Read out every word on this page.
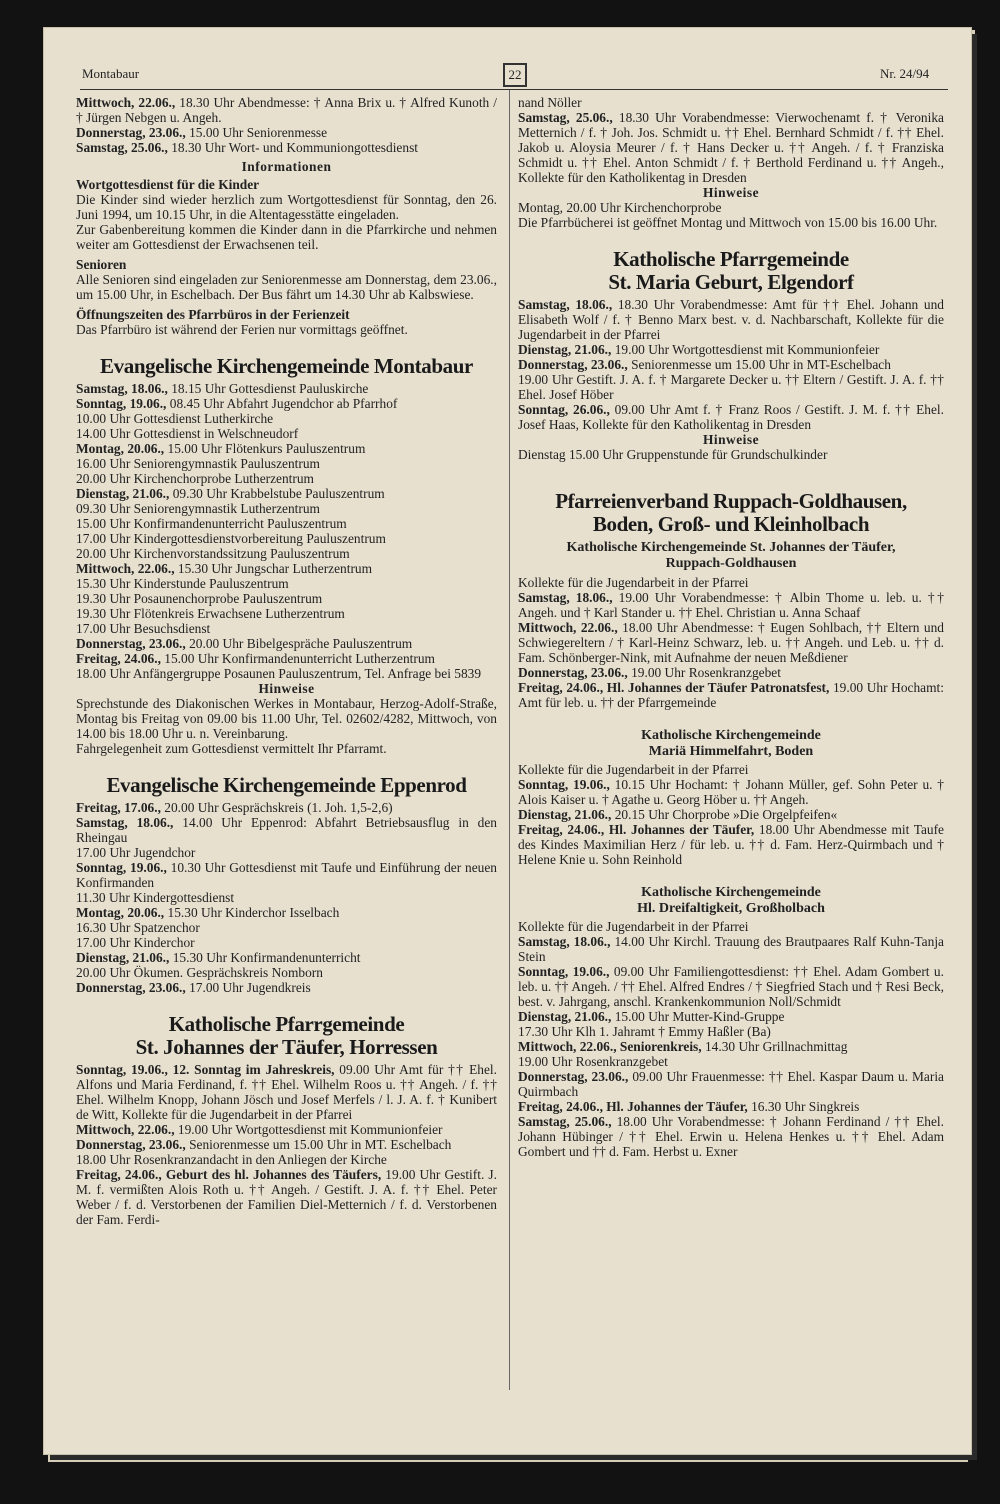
Montabaur	22	Nr. 24/94

Mittwoch, 22.06., 18.30 Uhr Abendmesse: † Anna Brix u. † Alfred Kunoth / † Jürgen Nebgen u. Angeh.

Donnerstag, 23.06., 15.00 Uhr Seniorenmesse

Samstag, 25.06., 18.30 Uhr Wort- und Kommuniongottesdienst

Informationen

Wortgottesdienst für die Kinder

Die Kinder sind wieder herzlich zum Wortgottesdienst für Sonntag, den 26. Juni 1994, um 10.15 Uhr, in die Altentagesstätte eingeladen.

Zur Gabenbereitung kommen die Kinder dann in die Pfarrkirche und nehmen weiter am Gottesdienst der Erwachsenen teil.

Senioren

Alle Senioren sind eingeladen zur Seniorenmesse am Donnerstag, dem 23.06., um 15.00 Uhr, in Eschelbach. Der Bus fährt um 14.30 Uhr ab Kalbswiese.

Öffnungszeiten des Pfarrbüros in der Ferienzeit

Das Pfarrbüro ist während der Ferien nur vormittags geöffnet.

Evangelische Kirchengemeinde Montabaur

Samstag, 18.06., 18.15 Uhr Gottesdienst Pauluskirche

Sonntag, 19.06., 08.45 Uhr Abfahrt Jugendchor ab Pfarrhof

10.00 Uhr Gottesdienst Lutherkirche

14.00 Uhr Gottesdienst in Welschneudorf

Montag, 20.06., 15.00 Uhr Flötenkurs Pauluszentrum

16.00 Uhr Seniorengymnastik Pauluszentrum

20.00 Uhr Kirchenchorprobe Lutherzentrum

Dienstag, 21.06., 09.30 Uhr Krabbelstube Pauluszentrum

09.30 Uhr Seniorengymnastik Lutherzentrum

15.00 Uhr Konfirmandenunterricht Pauluszentrum

17.00 Uhr Kindergottesdienstvorbereitung Pauluszentrum

20.00 Uhr Kirchenvorstandssitzung Pauluszentrum

Mittwoch, 22.06., 15.30 Uhr Jungschar Lutherzentrum

15.30 Uhr Kinderstunde Pauluszentrum

19.30 Uhr Posaunenchorprobe Pauluszentrum

19.30 Uhr Flötenkreis Erwachsene Lutherzentrum

17.00 Uhr Besuchsdienst

Donnerstag, 23.06., 20.00 Uhr Bibelgespräche Pauluszentrum

Freitag, 24.06., 15.00 Uhr Konfirmandenunterricht Lutherzentrum

18.00 Uhr Anfängergruppe Posaunen Pauluszentrum, Tel. Anfrage bei 5839

Hinweise

Sprechstunde des Diakonischen Werkes in Montabaur, Herzog-Adolf-Straße, Montag bis Freitag von 09.00 bis 11.00 Uhr, Tel. 02602/4282, Mittwoch, von 14.00 bis 18.00 Uhr u. n. Vereinbarung.

Fahrgelegenheit zum Gottesdienst vermittelt Ihr Pfarramt.

Evangelische Kirchengemeinde Eppenrod

Freitag, 17.06., 20.00 Uhr Gesprächskreis (1. Joh. 1,5-2,6)

Samstag, 18.06., 14.00 Uhr Eppenrod: Abfahrt Betriebsausflug in den Rheingau

17.00 Uhr Jugendchor

Sonntag, 19.06., 10.30 Uhr Gottesdienst mit Taufe und Einführung der neuen Konfirmanden

11.30 Uhr Kindergottesdienst

Montag, 20.06., 15.30 Uhr Kinderchor Isselbach

16.30 Uhr Spatzenchor

17.00 Uhr Kinderchor

Dienstag, 21.06., 15.30 Uhr Konfirmandenunterricht

20.00 Uhr Ökumen. Gesprächskreis Nomborn

Donnerstag, 23.06., 17.00 Uhr Jugendkreis

Katholische Pfarrgemeinde
St. Johannes der Täufer, Horressen

Sonntag, 19.06., 12. Sonntag im Jahreskreis, 09.00 Uhr Amt für †† Ehel. Alfons und Maria Ferdinand, f. †† Ehel. Wilhelm Roos u. †† Angeh. / f. †† Ehel. Wilhelm Knopp, Johann Jösch und Josef Merfels / l. J. A. f. † Kunibert de Witt, Kollekte für die Jugendarbeit in der Pfarrei

Mittwoch, 22.06., 19.00 Uhr Wortgottesdienst mit Kommunionfeier

Donnerstag, 23.06., Seniorenmesse um 15.00 Uhr in MT. Eschelbach

18.00 Uhr Rosenkranzandacht in den Anliegen der Kirche

Freitag, 24.06., Geburt des hl. Johannes des Täufers, 19.00 Uhr Gestift. J. M. f. vermißten Alois Roth u. †† Angeh. / Gestift. J. A. f. †† Ehel. Peter Weber / f. d. Verstorbenen der Familien Diel-Metternich / f. d. Verstorbenen der Fam. Ferdi-

nand Nöller

Samstag, 25.06., 18.30 Uhr Vorabendmesse: Vierwochenamt f. † Veronika Metternich / f. † Joh. Jos. Schmidt u. †† Ehel. Bernhard Schmidt / f. †† Ehel. Jakob u. Aloysia Meurer / f. † Hans Decker u. †† Angeh. / f. † Franziska Schmidt u. †† Ehel. Anton Schmidt / f. † Berthold Ferdinand u. †† Angeh., Kollekte für den Katholikentag in Dresden

Hinweise

Montag, 20.00 Uhr Kirchenchorprobe

Die Pfarrbücherei ist geöffnet Montag und Mittwoch von 15.00 bis 16.00 Uhr.

Katholische Pfarrgemeinde
St. Maria Geburt, Elgendorf

Samstag, 18.06., 18.30 Uhr Vorabendmesse: Amt für †† Ehel. Johann und Elisabeth Wolf / f. † Benno Marx best. v. d. Nachbarschaft, Kollekte für die Jugendarbeit in der Pfarrei

Dienstag, 21.06., 19.00 Uhr Wortgottesdienst mit Kommunionfeier

Donnerstag, 23.06., Seniorenmesse um 15.00 Uhr in MT-Eschelbach

19.00 Uhr Gestift. J. A. f. † Margarete Decker u. †† Eltern / Gestift. J. A. f. †† Ehel. Josef Höber

Sonntag, 26.06., 09.00 Uhr Amt f. † Franz Roos / Gestift. J. M. f. †† Ehel. Josef Haas, Kollekte für den Katholikentag in Dresden

Hinweise

Dienstag 15.00 Uhr Gruppenstunde für Grundschulkinder

Pfarreienverband Ruppach-Goldhausen,
Boden, Groß- und Kleinholbach

Katholische Kirchengemeinde St. Johannes der Täufer,
Ruppach-Goldhausen

Kollekte für die Jugendarbeit in der Pfarrei

Samstag, 18.06., 19.00 Uhr Vorabendmesse: † Albin Thome u. leb. u. †† Angeh. und † Karl Stander u. †† Ehel. Christian u. Anna Schaaf

Mittwoch, 22.06., 18.00 Uhr Abendmesse: † Eugen Sohlbach, †† Eltern und Schwiegereltern / † Karl-Heinz Schwarz, leb. u. †† Angeh. und Leb. u. †† d. Fam. Schönberger-Nink, mit Aufnahme der neuen Meßdiener

Donnerstag, 23.06., 19.00 Uhr Rosenkranzgebet

Freitag, 24.06., Hl. Johannes der Täufer Patronatsfest, 19.00 Uhr Hochamt: Amt für leb. u. †† der Pfarrgemeinde

Katholische Kirchengemeinde
Mariä Himmelfahrt, Boden

Kollekte für die Jugendarbeit in der Pfarrei

Sonntag, 19.06., 10.15 Uhr Hochamt: † Johann Müller, gef. Sohn Peter u. † Alois Kaiser u. † Agathe u. Georg Höber u. †† Angeh.

Dienstag, 21.06., 20.15 Uhr Chorprobe »Die Orgelpfeifen«

Freitag, 24.06., Hl. Johannes der Täufer, 18.00 Uhr Abendmesse mit Taufe des Kindes Maximilian Herz / für leb. u. †† d. Fam. Herz-Quirmbach und † Helene Knie u. Sohn Reinhold

Katholische Kirchengemeinde
Hl. Dreifaltigkeit, Großholbach

Kollekte für die Jugendarbeit in der Pfarrei

Samstag, 18.06., 14.00 Uhr Kirchl. Trauung des Brautpaares Ralf Kuhn-Tanja Stein

Sonntag, 19.06., 09.00 Uhr Familiengottesdienst: †† Ehel. Adam Gombert u. leb. u. †† Angeh. / †† Ehel. Alfred Endres / † Siegfried Stach und † Resi Beck, best. v. Jahrgang, anschl. Krankenkommunion Noll/Schmidt

Dienstag, 21.06., 15.00 Uhr Mutter-Kind-Gruppe

17.30 Uhr Klh 1. Jahramt † Emmy Haßler (Ba)

Mittwoch, 22.06., Seniorenkreis, 14.30 Uhr Grillnachmittag

19.00 Uhr Rosenkranzgebet

Donnerstag, 23.06., 09.00 Uhr Frauenmesse: †† Ehel. Kaspar Daum u. Maria Quirmbach

Freitag, 24.06., Hl. Johannes der Täufer, 16.30 Uhr Singkreis

Samstag, 25.06., 18.00 Uhr Vorabendmesse: † Johann Ferdinand / †† Ehel. Johann Hübinger / †† Ehel. Erwin u. Helena Henkes u. †† Ehel. Adam Gombert und †† d. Fam. Herbst u. Exner
